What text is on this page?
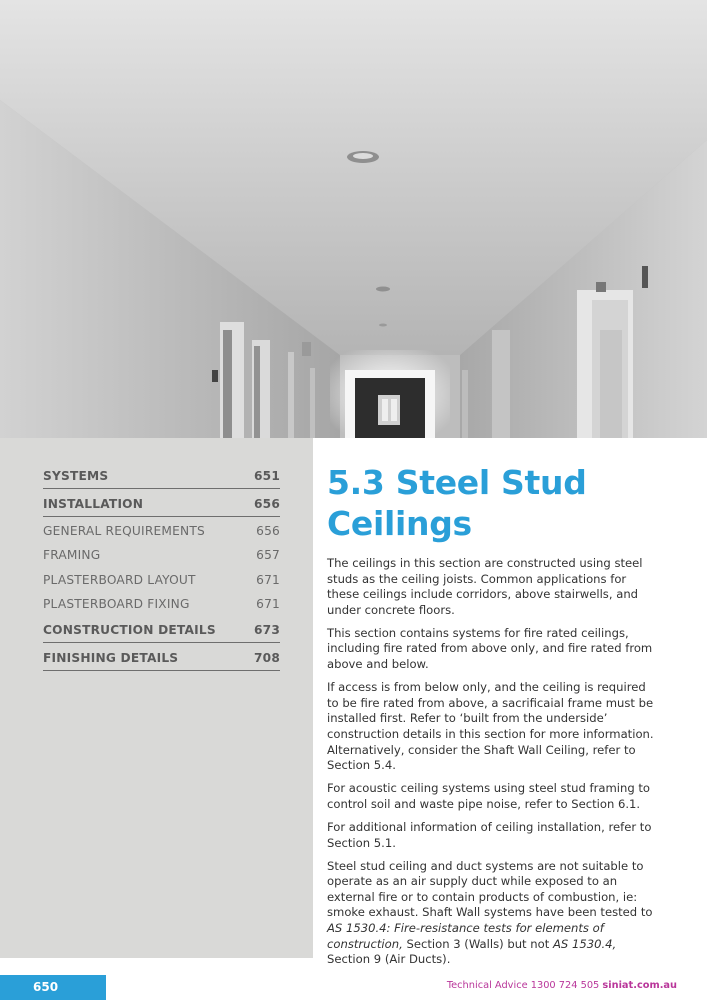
SYSTEMS	651
INSTALLATION	656
GENERAL REQUIREMENTS	656
FRAMING	657
PLASTERBOARD LAYOUT	671
PLASTERBOARD FIXING	671
CONSTRUCTION DETAILS	673
FINISHING DETAILS	708
5.3 Steel Stud
Ceilings

The ceilings in this section are constructed using steel studs as the ceiling joists. Common applications for these ceilings include corridors, above stairwells, and under concrete floors.

This section contains systems for fire rated ceilings, including fire rated from above only, and fire rated from above and below.

If access is from below only, and the ceiling is required to be fire rated from above, a sacrificaial frame must be installed first. Refer to ‘built from the underside’ construction details in this section for more information. Alternatively, consider the Shaft Wall Ceiling, refer to Section 5.4.

For acoustic ceiling systems using steel stud framing to control soil and waste pipe noise, refer to Section 6.1.

For additional information of ceiling installation, refer to Section 5.1.

Steel stud ceiling and duct systems are not suitable to operate as an air supply duct while exposed to an external fire or to contain products of combustion, ie: smoke exhaust. Shaft Wall systems have been tested to AS 1530.4: Fire-resistance tests for elements of construction, Section 3 (Walls) but not AS 1530.4, Section 9 (Air Ducts).

650	Technical Advice 1300 724 505 siniat.com.au
